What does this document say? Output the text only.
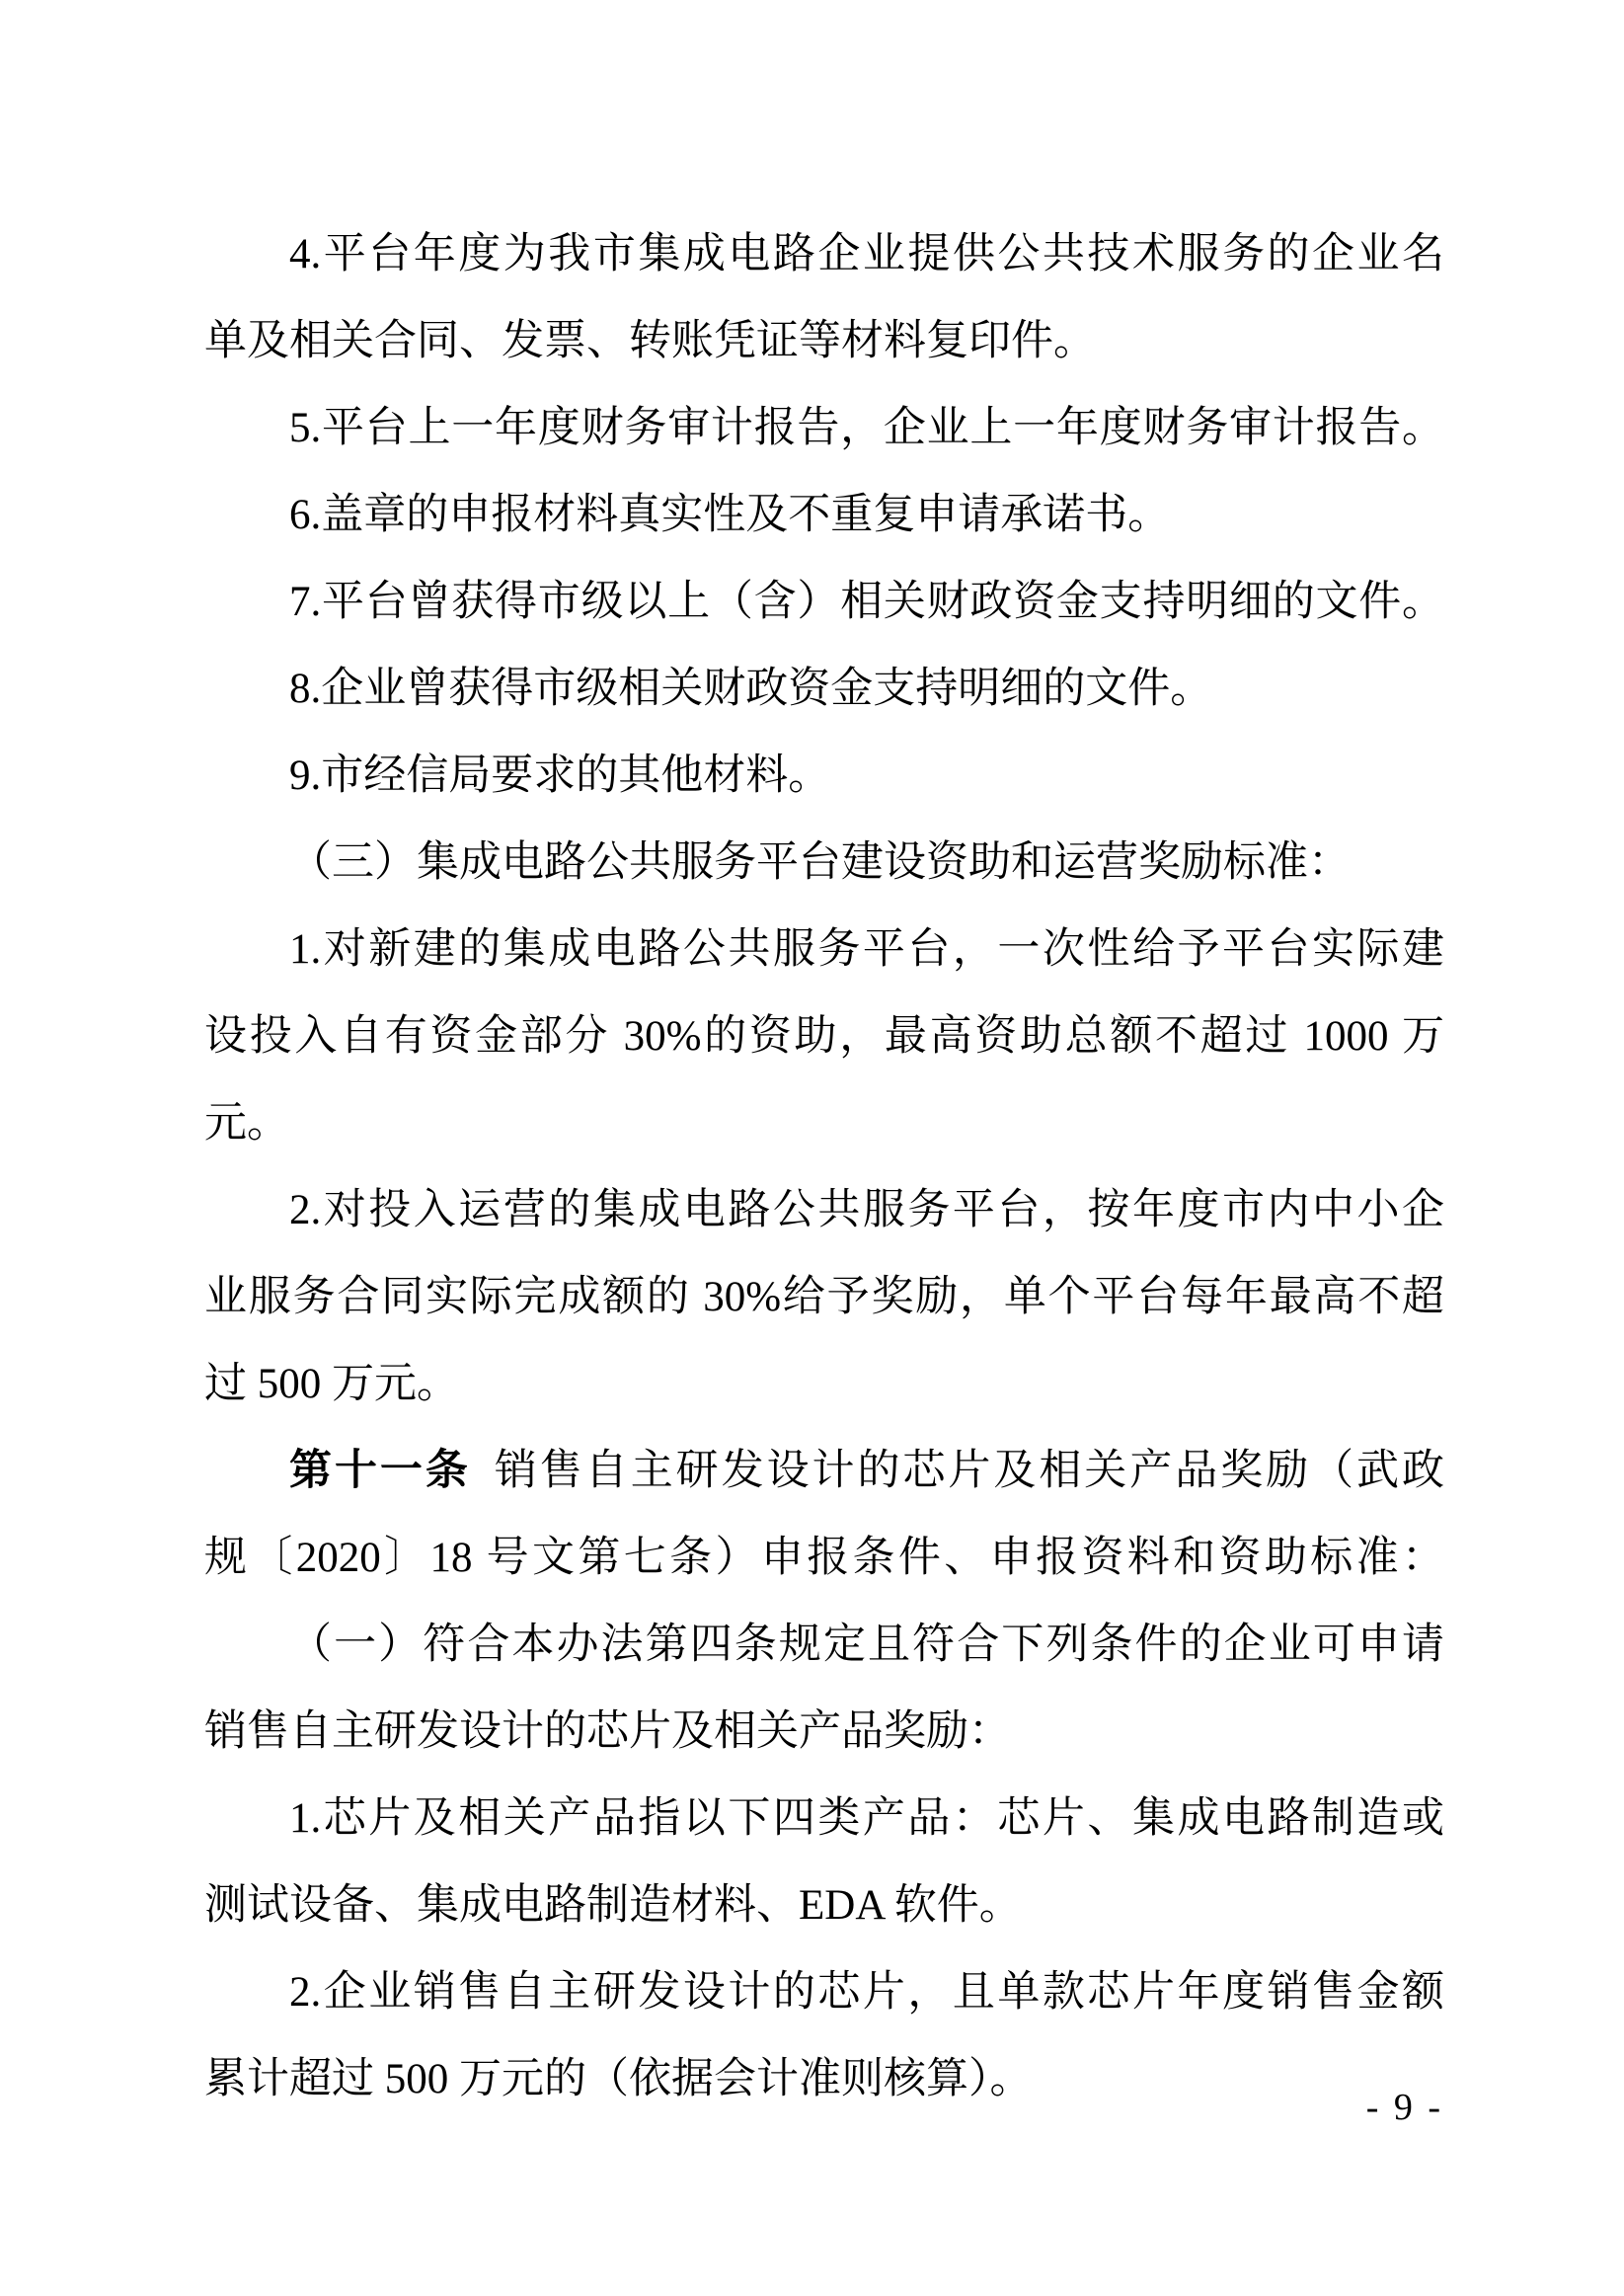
4.平台年度为我市集成电路企业提供公共技术服务的企业名
单及相关合同、发票、转账凭证等材料复印件。
5.平台上一年度财务审计报告，企业上一年度财务审计报告。
6.盖章的申报材料真实性及不重复申请承诺书。
7.平台曾获得市级以上（含）相关财政资金支持明细的文件。
8.企业曾获得市级相关财政资金支持明细的文件。
9.市经信局要求的其他材料。
（三）集成电路公共服务平台建设资助和运营奖励标准：
1.对新建的集成电路公共服务平台，一次性给予平台实际建
设投入自有资金部分 30%的资助，最高资助总额不超过 1000 万
元。
2.对投入运营的集成电路公共服务平台，按年度市内中小企
业服务合同实际完成额的 30%给予奖励，单个平台每年最高不超
过 500 万元。
第十一条 销售自主研发设计的芯片及相关产品奖励（武政
规〔2020〕18 号文第七条）申报条件、申报资料和资助标准：
（一）符合本办法第四条规定且符合下列条件的企业可申请
销售自主研发设计的芯片及相关产品奖励：
1.芯片及相关产品指以下四类产品：芯片、集成电路制造或
测试设备、集成电路制造材料、EDA 软件。
2.企业销售自主研发设计的芯片，且单款芯片年度销售金额
累计超过 500 万元的（依据会计准则核算）。
- 9 -
